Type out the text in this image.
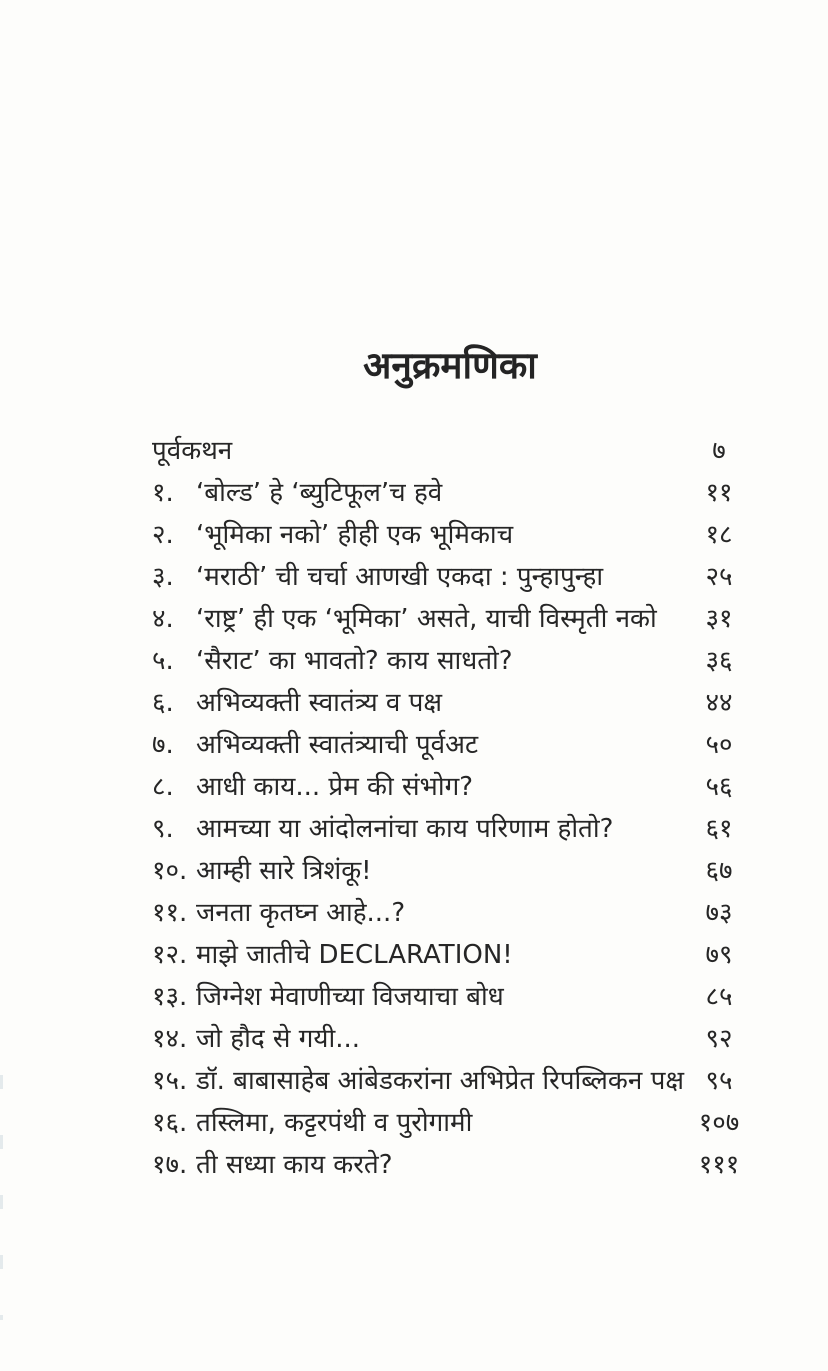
अनुक्रमणिका
पूर्वकथन	७
१. ‘बोल्ड’ हे ‘ब्युटिफूल’च हवे	११
२. ‘भूमिका नको’ हीही एक भूमिकाच	१८
३. ‘मराठी’ ची चर्चा आणखी एकदा : पुन्हापुन्हा	२५
४. ‘राष्ट्र’ ही एक ‘भूमिका’ असते, याची विस्मृती नको	३१
५. ‘सैराट’ का भावतो? काय साधतो?	३६
६. अभिव्यक्ती स्वातंत्र्य व पक्ष	४४
७. अभिव्यक्ती स्वातंत्र्याची पूर्वअट	५०
८. आधी काय... प्रेम की संभोग?	५६
९. आमच्या या आंदोलनांचा काय परिणाम होतो?	६१
१०. आम्ही सारे त्रिशंकू!	६७
११. जनता कृतघ्न आहे...?	७३
१२. माझे जातीचे DECLARATION!	७९
१३. जिग्नेश मेवाणीच्या विजयाचा बोध	८५
१४. जो हौद से गयी...	९२
१५. डॉ. बाबासाहेब आंबेडकरांना अभिप्रेत रिपब्लिकन पक्ष ९५
१६. तस्लिमा, कट्टरपंथी व पुरोगामी	१०७
१७. ती सध्या काय करते?	१११
